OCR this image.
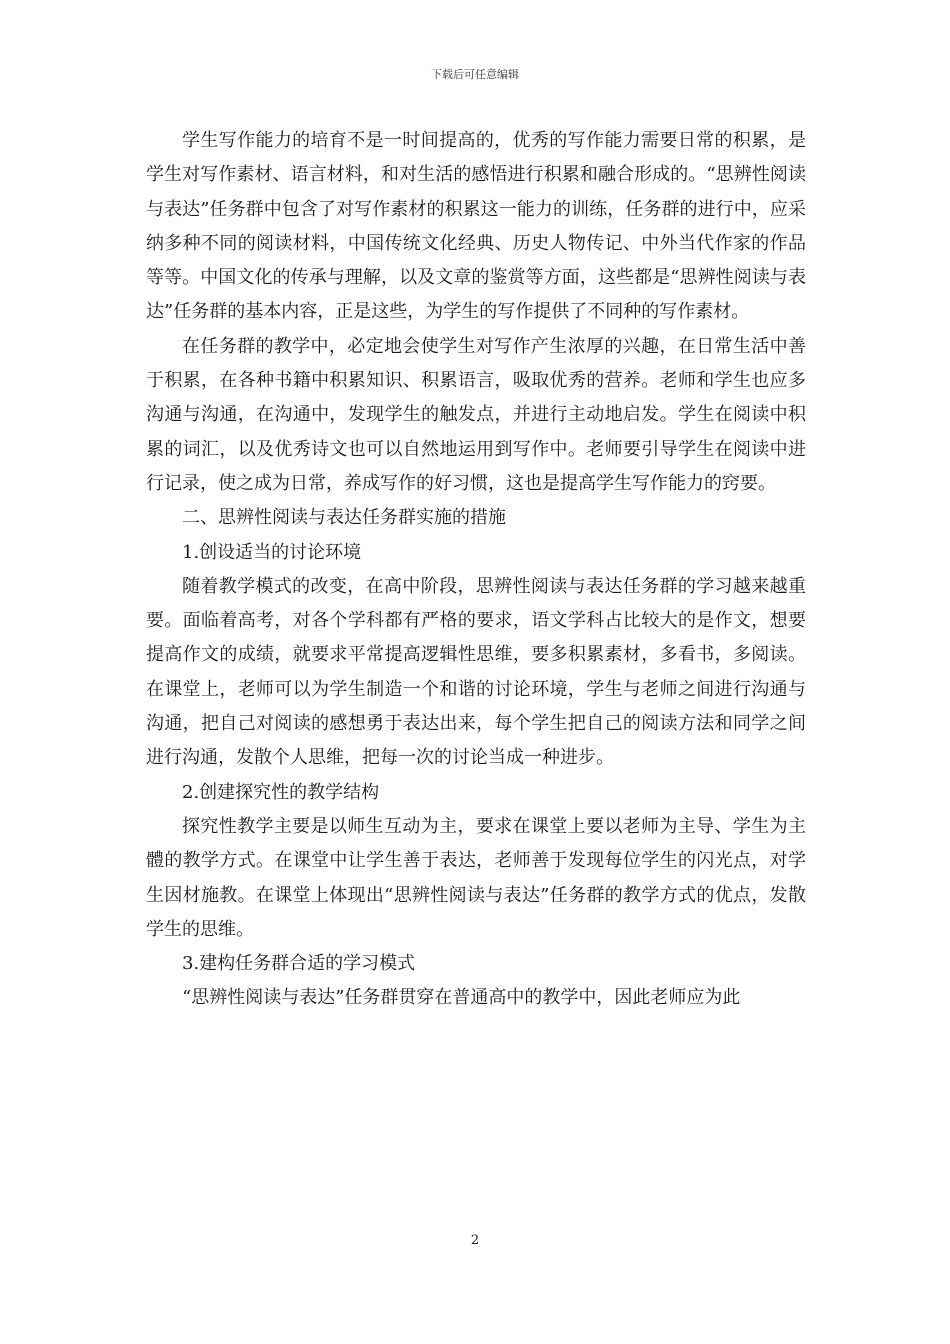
下载后可任意编辑

学生写作能力的培育不是一时间提高的，优秀的写作能力需要日常的积累，是学生对写作素材、语言材料，和对生活的感悟进行积累和融合形成的。“思辨性阅读与表达”任务群中包含了对写作素材的积累这一能力的训练，任务群的进行中，应采纳多种不同的阅读材料，中国传统文化经典、历史人物传记、中外当代作家的作品等等。中国文化的传承与理解，以及文章的鉴赏等方面，这些都是“思辨性阅读与表达”任务群的基本内容，正是这些，为学生的写作提供了不同种的写作素材。

在任务群的教学中，必定地会使学生对写作产生浓厚的兴趣，在日常生活中善于积累，在各种书籍中积累知识、积累语言，吸取优秀的营养。老师和学生也应多沟通与沟通，在沟通中，发现学生的触发点，并进行主动地启发。学生在阅读中积累的词汇，以及优秀诗文也可以自然地运用到写作中。老师要引导学生在阅读中进行记录，使之成为日常，养成写作的好习惯，这也是提高学生写作能力的窍要。

二、思辨性阅读与表达任务群实施的措施

1.创设适当的讨论环境

随着教学模式的改变，在高中阶段，思辨性阅读与表达任务群的学习越来越重要。面临着高考，对各个学科都有严格的要求，语文学科占比较大的是作文，想要提高作文的成绩，就要求平常提高逻辑性思维，要多积累素材，多看书，多阅读。在课堂上，老师可以为学生制造一个和谐的讨论环境，学生与老师之间进行沟通与沟通，把自己对阅读的感想勇于表达出来，每个学生把自己的阅读方法和同学之间进行沟通，发散个人思维，把每一次的讨论当成一种进步。

2.创建探究性的教学结构

探究性教学主要是以师生互动为主，要求在课堂上要以老师为主导、学生为主體的教学方式。在课堂中让学生善于表达，老师善于发现每位学生的闪光点，对学生因材施教。在课堂上体现出“思辨性阅读与表达”任务群的教学方式的优点，发散学生的思维。

3.建构任务群合适的学习模式

“思辨性阅读与表达”任务群贯穿在普通高中的教学中，因此老师应为此

2
